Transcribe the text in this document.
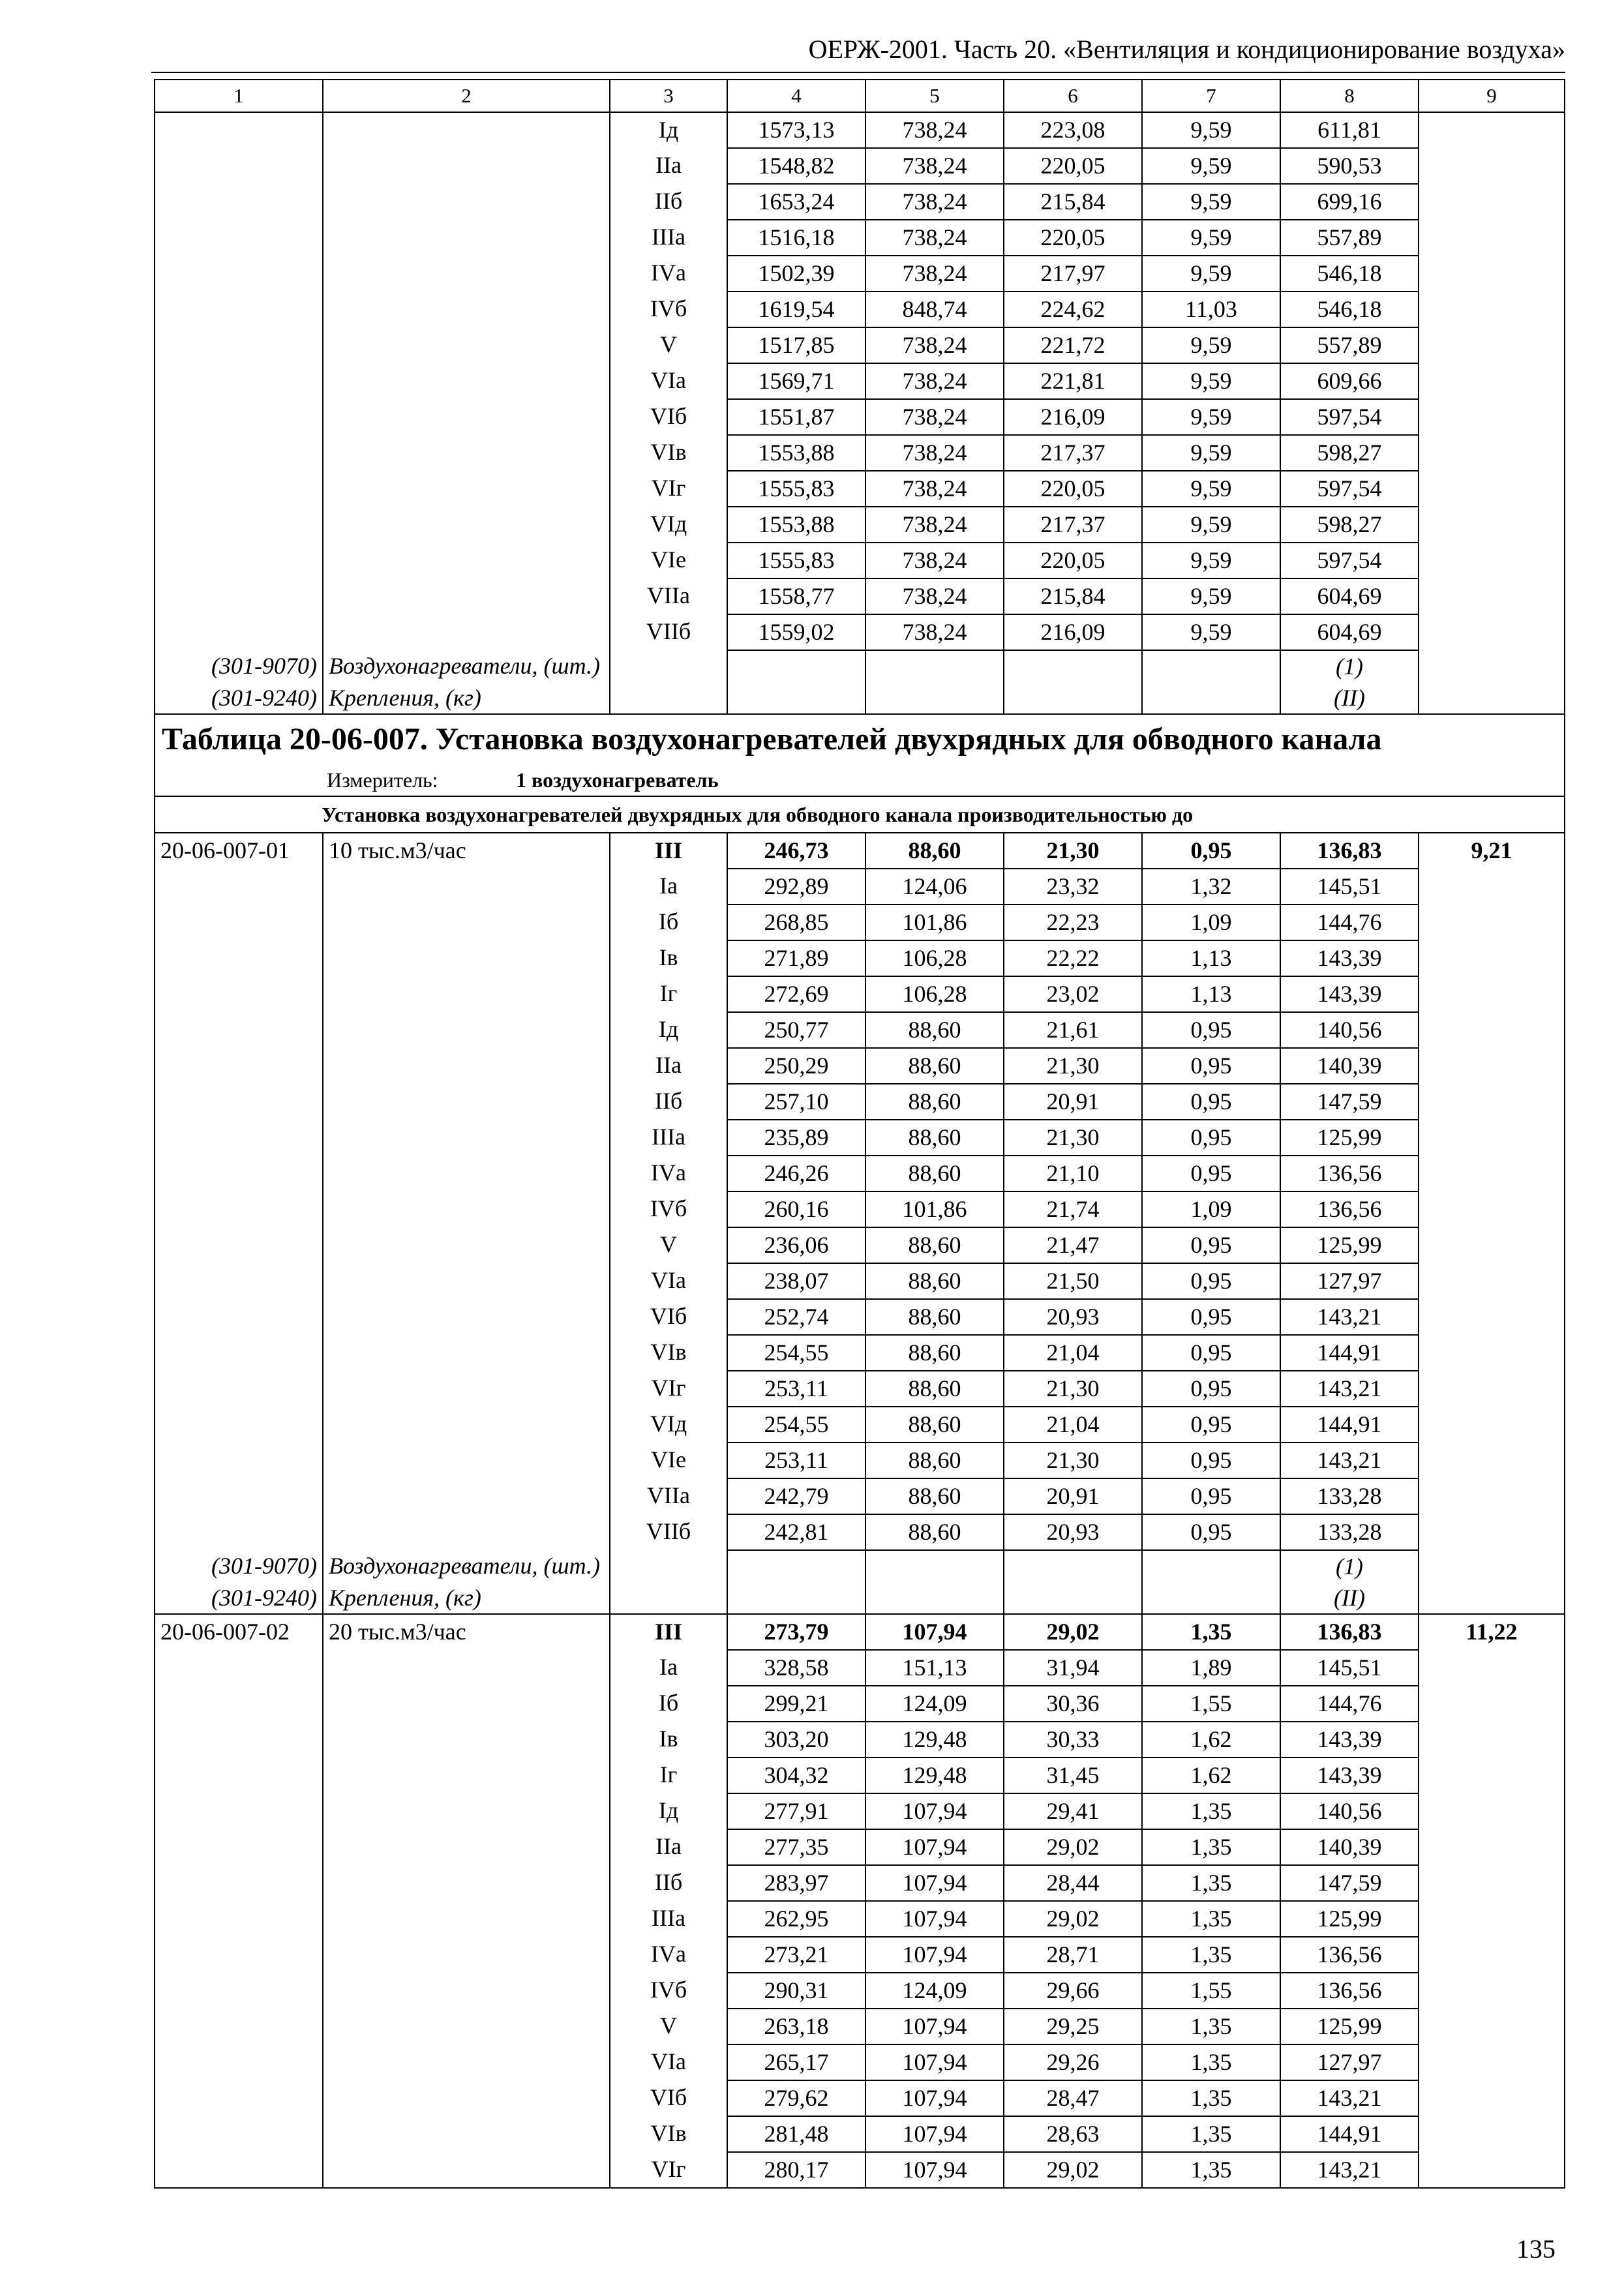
ОЕРЖ-2001. Часть 20. «Вентиляция и кондиционирование воздуха»
1	2	3	4	5	6	7	8	9
		Iд	1573,13	738,24	223,08	9,59	611,81	
		IIа	1548,82	738,24	220,05	9,59	590,53	
		IIб	1653,24	738,24	215,84	9,59	699,16	
		IIIа	1516,18	738,24	220,05	9,59	557,89	
		IVа	1502,39	738,24	217,97	9,59	546,18	
		IVб	1619,54	848,74	224,62	11,03	546,18	
		V	1517,85	738,24	221,72	9,59	557,89	
		VIа	1569,71	738,24	221,81	9,59	609,66	
		VIб	1551,87	738,24	216,09	9,59	597,54	
		VIв	1553,88	738,24	217,37	9,59	598,27	
		VIг	1555,83	738,24	220,05	9,59	597,54	
		VIд	1553,88	738,24	217,37	9,59	598,27	
		VIе	1555,83	738,24	220,05	9,59	597,54	
		VIIа	1558,77	738,24	215,84	9,59	604,69	
		VIIб	1559,02	738,24	216,09	9,59	604,69	
(301-9070)	Воздухонагреватели, (шт.)						(1)	
(301-9240)	Крепления, (кг)						(II)	
Таблица 20-06-007. Установка воздухонагревателей двухрядных для обводного канала								
Измеритель: 1 воздухонагреватель								
Установка воздухонагревателей двухрядных для обводного канала производительностью до								
20-06-007-01	10 тыс.м3/час	III	246,73	88,60	21,30	0,95	136,83	9,21
		Iа	292,89	124,06	23,32	1,32	145,51	
		Iб	268,85	101,86	22,23	1,09	144,76	
		Iв	271,89	106,28	22,22	1,13	143,39	
		Iг	272,69	106,28	23,02	1,13	143,39	
		Iд	250,77	88,60	21,61	0,95	140,56	
		IIа	250,29	88,60	21,30	0,95	140,39	
		IIб	257,10	88,60	20,91	0,95	147,59	
		IIIа	235,89	88,60	21,30	0,95	125,99	
		IVа	246,26	88,60	21,10	0,95	136,56	
		IVб	260,16	101,86	21,74	1,09	136,56	
		V	236,06	88,60	21,47	0,95	125,99	
		VIа	238,07	88,60	21,50	0,95	127,97	
		VIб	252,74	88,60	20,93	0,95	143,21	
		VIв	254,55	88,60	21,04	0,95	144,91	
		VIг	253,11	88,60	21,30	0,95	143,21	
		VIд	254,55	88,60	21,04	0,95	144,91	
		VIе	253,11	88,60	21,30	0,95	143,21	
		VIIа	242,79	88,60	20,91	0,95	133,28	
		VIIб	242,81	88,60	20,93	0,95	133,28	
(301-9070)	Воздухонагреватели, (шт.)						(1)	
(301-9240)	Крепления, (кг)						(II)	
20-06-007-02	20 тыс.м3/час	III	273,79	107,94	29,02	1,35	136,83	11,22
		Iа	328,58	151,13	31,94	1,89	145,51	
		Iб	299,21	124,09	30,36	1,55	144,76	
		Iв	303,20	129,48	30,33	1,62	143,39	
		Iг	304,32	129,48	31,45	1,62	143,39	
		Iд	277,91	107,94	29,41	1,35	140,56	
		IIа	277,35	107,94	29,02	1,35	140,39	
		IIб	283,97	107,94	28,44	1,35	147,59	
		IIIа	262,95	107,94	29,02	1,35	125,99	
		IVа	273,21	107,94	28,71	1,35	136,56	
		IVб	290,31	124,09	29,66	1,55	136,56	
		V	263,18	107,94	29,25	1,35	125,99	
		VIа	265,17	107,94	29,26	1,35	127,97	
		VIб	279,62	107,94	28,47	1,35	143,21	
		VIв	281,48	107,94	28,63	1,35	144,91	
		VIг	280,17	107,94	29,02	1,35	143,21	
135
